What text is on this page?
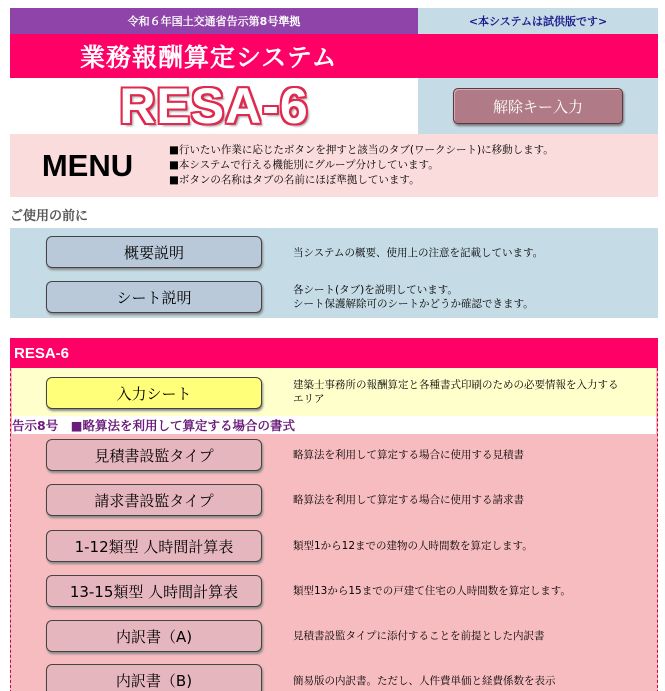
令和６年国土交通省告示第8号準拠	<本システムは試供版です>
業務報酬算定システム
RESA-6	解除キー入力
MENU	■行いたい作業に応じたボタンを押すと該当のタブ(ワークシート)に移動します。
■本システムで行える機能別にグループ分けしています。
■ボタンの名称はタブの名前にほぼ準拠しています。
ご使用の前に
概要説明	当システムの概要、使用上の注意を記載しています。
シート説明	各シート(タブ)を説明しています。
シート保護解除可のシートかどうか確認できます。
RESA-6
入力シート	建築士事務所の報酬算定と各種書式印刷のための必要情報を入力する
エリア
告示8号　■略算法を利用して算定する場合の書式
見積書設監タイプ	略算法を利用して算定する場合に使用する見積書
請求書設監タイプ	略算法を利用して算定する場合に使用する請求書
1-12類型 人時間計算表	類型1から12までの建物の人時間数を算定します。
13-15類型 人時間計算表	類型13から15までの戸建て住宅の人時間数を算定します。
内訳書（A)	見積書設監タイプに添付することを前提とした内訳書
内訳書（B)	簡易版の内訳書。ただし、人件費単価と経費係数を表示
